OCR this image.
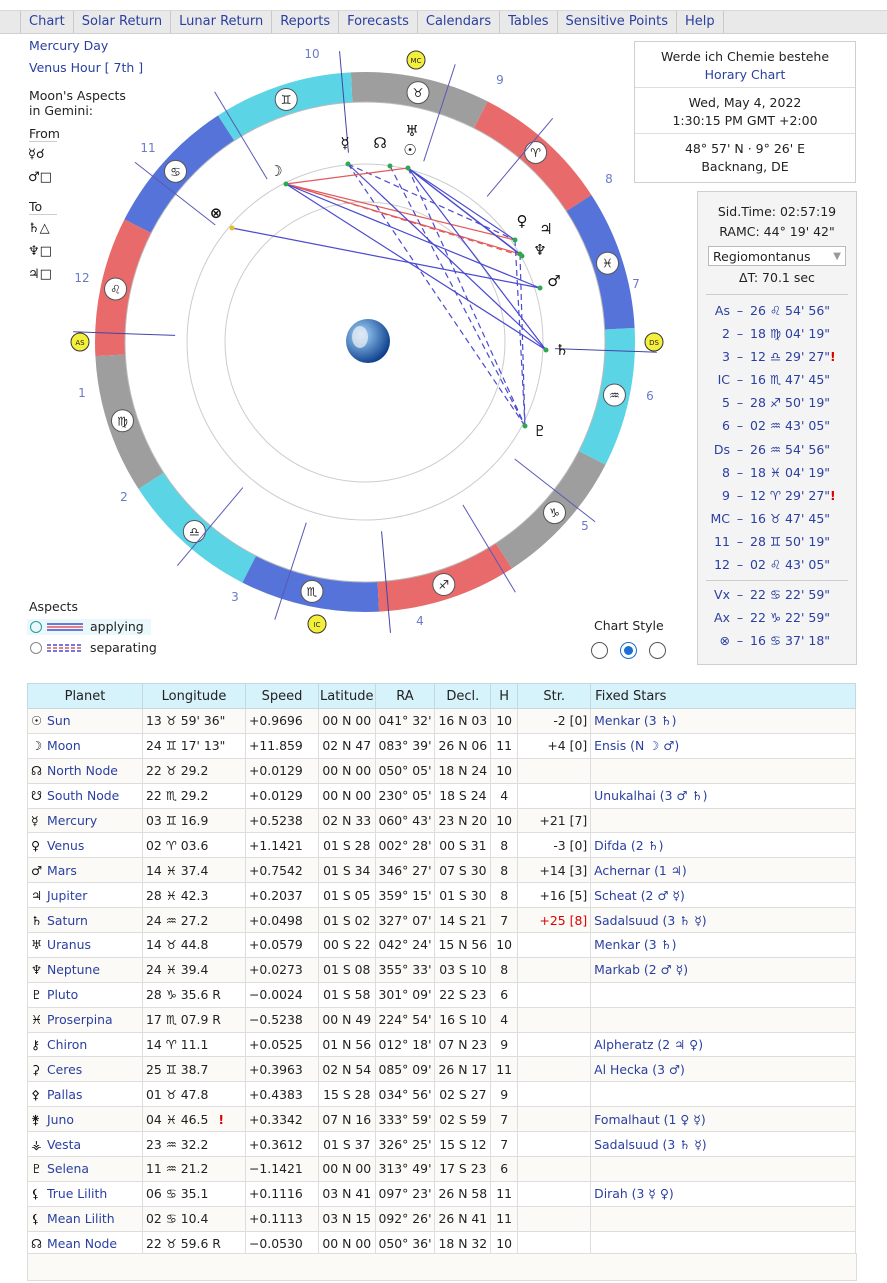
Chart	Solar Return	Lunar Return	Reports	Forecasts	Calendars	Tables	Sensitive Points	Help
Mercury Day
Venus Hour [ 7th ]
Moon's Aspects
in Gemini:
From
☿☌
♂□
To
♄△
♆□
♃□
♈
♉
♊
♋
♌
♍
♎
♏	♐
♑
♒
♓
1
2
3
4
5
6
7
8
9
10
11
12
AS	DS
MC
IC
☽
☿ ☊
♅
☉
♀ ♃
♆
♂
♄
♇
⊗
Werde ich Chemie bestehe
Horary Chart
Wed, May 4, 2022
1:30:15 PM GMT +2:00
48° 57' N · 9° 26' E
Backnang, DE
Sid.Time: 02:57:19
RAMC: 44° 19' 42"
Regiomontanus	▼
ΔT: 70.1 sec
As – 26 ♌ 54' 56"
2 – 18 ♍ 04' 19"
3 – 12 ♎ 29' 27"!
IC – 16 ♏ 47' 45"
5 – 28 ♐ 50' 19"
6 – 02 ♒ 43' 05"
Ds – 26 ♒ 54' 56"
8 – 18 ♓ 04' 19"
9 – 12 ♈ 29' 27"!
MC – 16 ♉ 47' 45"
11 – 28 ♊ 50' 19"
12 – 02 ♌ 43' 05"
Vx – 22 ♋ 22' 59"
Ax – 22 ♑ 22' 59"
⊗ – 16 ♋ 37' 18"
Aspects
applying
separating
Chart Style
Planet	Longitude	Speed	Latitude	RA	Decl.	H	Str.	Fixed Stars
☉ Sun	13 ♉ 59' 36"	+0.9696	00 N 00	041° 32'	16 N 03	10	-2 [0]	Menkar (3 ♄)
☽ Moon	24 ♊ 17' 13"	+11.859	02 N 47	083° 39'	26 N 06	11	+4 [0]	Ensis (N ☽ ♂)
☊ North Node	22 ♉ 29.2	+0.0129	00 N 00	050° 05'	18 N 24	10		
☋ South Node	22 ♏ 29.2	+0.0129	00 N 00	230° 05'	18 S 24	4		Unukalhai (3 ♂ ♄)
☿ Mercury	03 ♊ 16.9	+0.5238	02 N 33	060° 43'	23 N 20	10	+21 [7]	
♀ Venus	02 ♈ 03.6	+1.1421	01 S 28	002° 28'	00 S 31	8	-3 [0]	Difda (2 ♄)
♂ Mars	14 ♓ 37.4	+0.7542	01 S 34	346° 27'	07 S 30	8	+14 [3]	Achernar (1 ♃)
♃ Jupiter	28 ♓ 42.3	+0.2037	01 S 05	359° 15'	01 S 30	8	+16 [5]	Scheat (2 ♂ ☿)
♄ Saturn	24 ♒ 27.2	+0.0498	01 S 02	327° 07'	14 S 21	7	+25 [8]	Sadalsuud (3 ♄ ☿)
♅ Uranus	14 ♉ 44.8	+0.0579	00 S 22	042° 24'	15 N 56	10		Menkar (3 ♄)
♆ Neptune	24 ♓ 39.4	+0.0273	01 S 08	355° 33'	03 S 10	8		Markab (2 ♂ ☿)
♇ Pluto	28 ♑ 35.6 R	−0.0024	01 S 58	301° 09'	22 S 23	6		
♓ Proserpina	17 ♏ 07.9 R	−0.5238	00 N 49	224° 54'	16 S 10	4		
⚷ Chiron	14 ♈ 11.1	+0.0525	01 N 56	012° 18'	07 N 23	9		Alpheratz (2 ♃ ♀)
⚳ Ceres	25 ♊ 38.7	+0.3963	02 N 54	085° 09'	26 N 17	11		Al Hecka (3 ♂)
⚴ Pallas	01 ♉ 47.8	+0.4383	15 S 28	034° 56'	02 S 27	9		
⚵ Juno	04 ♓ 46.5 !	+0.3342	07 N 16	333° 59'	02 S 59	7		Fomalhaut (1 ♀ ☿)
⚶ Vesta	23 ♒ 32.2	+0.3612	01 S 37	326° 25'	15 S 12	7		Sadalsuud (3 ♄ ☿)
♇ Selena	11 ♒ 21.2	−1.1421	00 N 00	313° 49'	17 S 23	6		
⚸ True Lilith	06 ♋ 35.1	+0.1116	03 N 41	097° 23'	26 N 58	11		Dirah (3 ☿ ♀)
⚸ Mean Lilith	02 ♋ 10.4	+0.1113	03 N 15	092° 26'	26 N 41	11		
☊ Mean Node	22 ♉ 59.6 R	−0.0530	00 N 00	050° 36'	18 N 32	10		
